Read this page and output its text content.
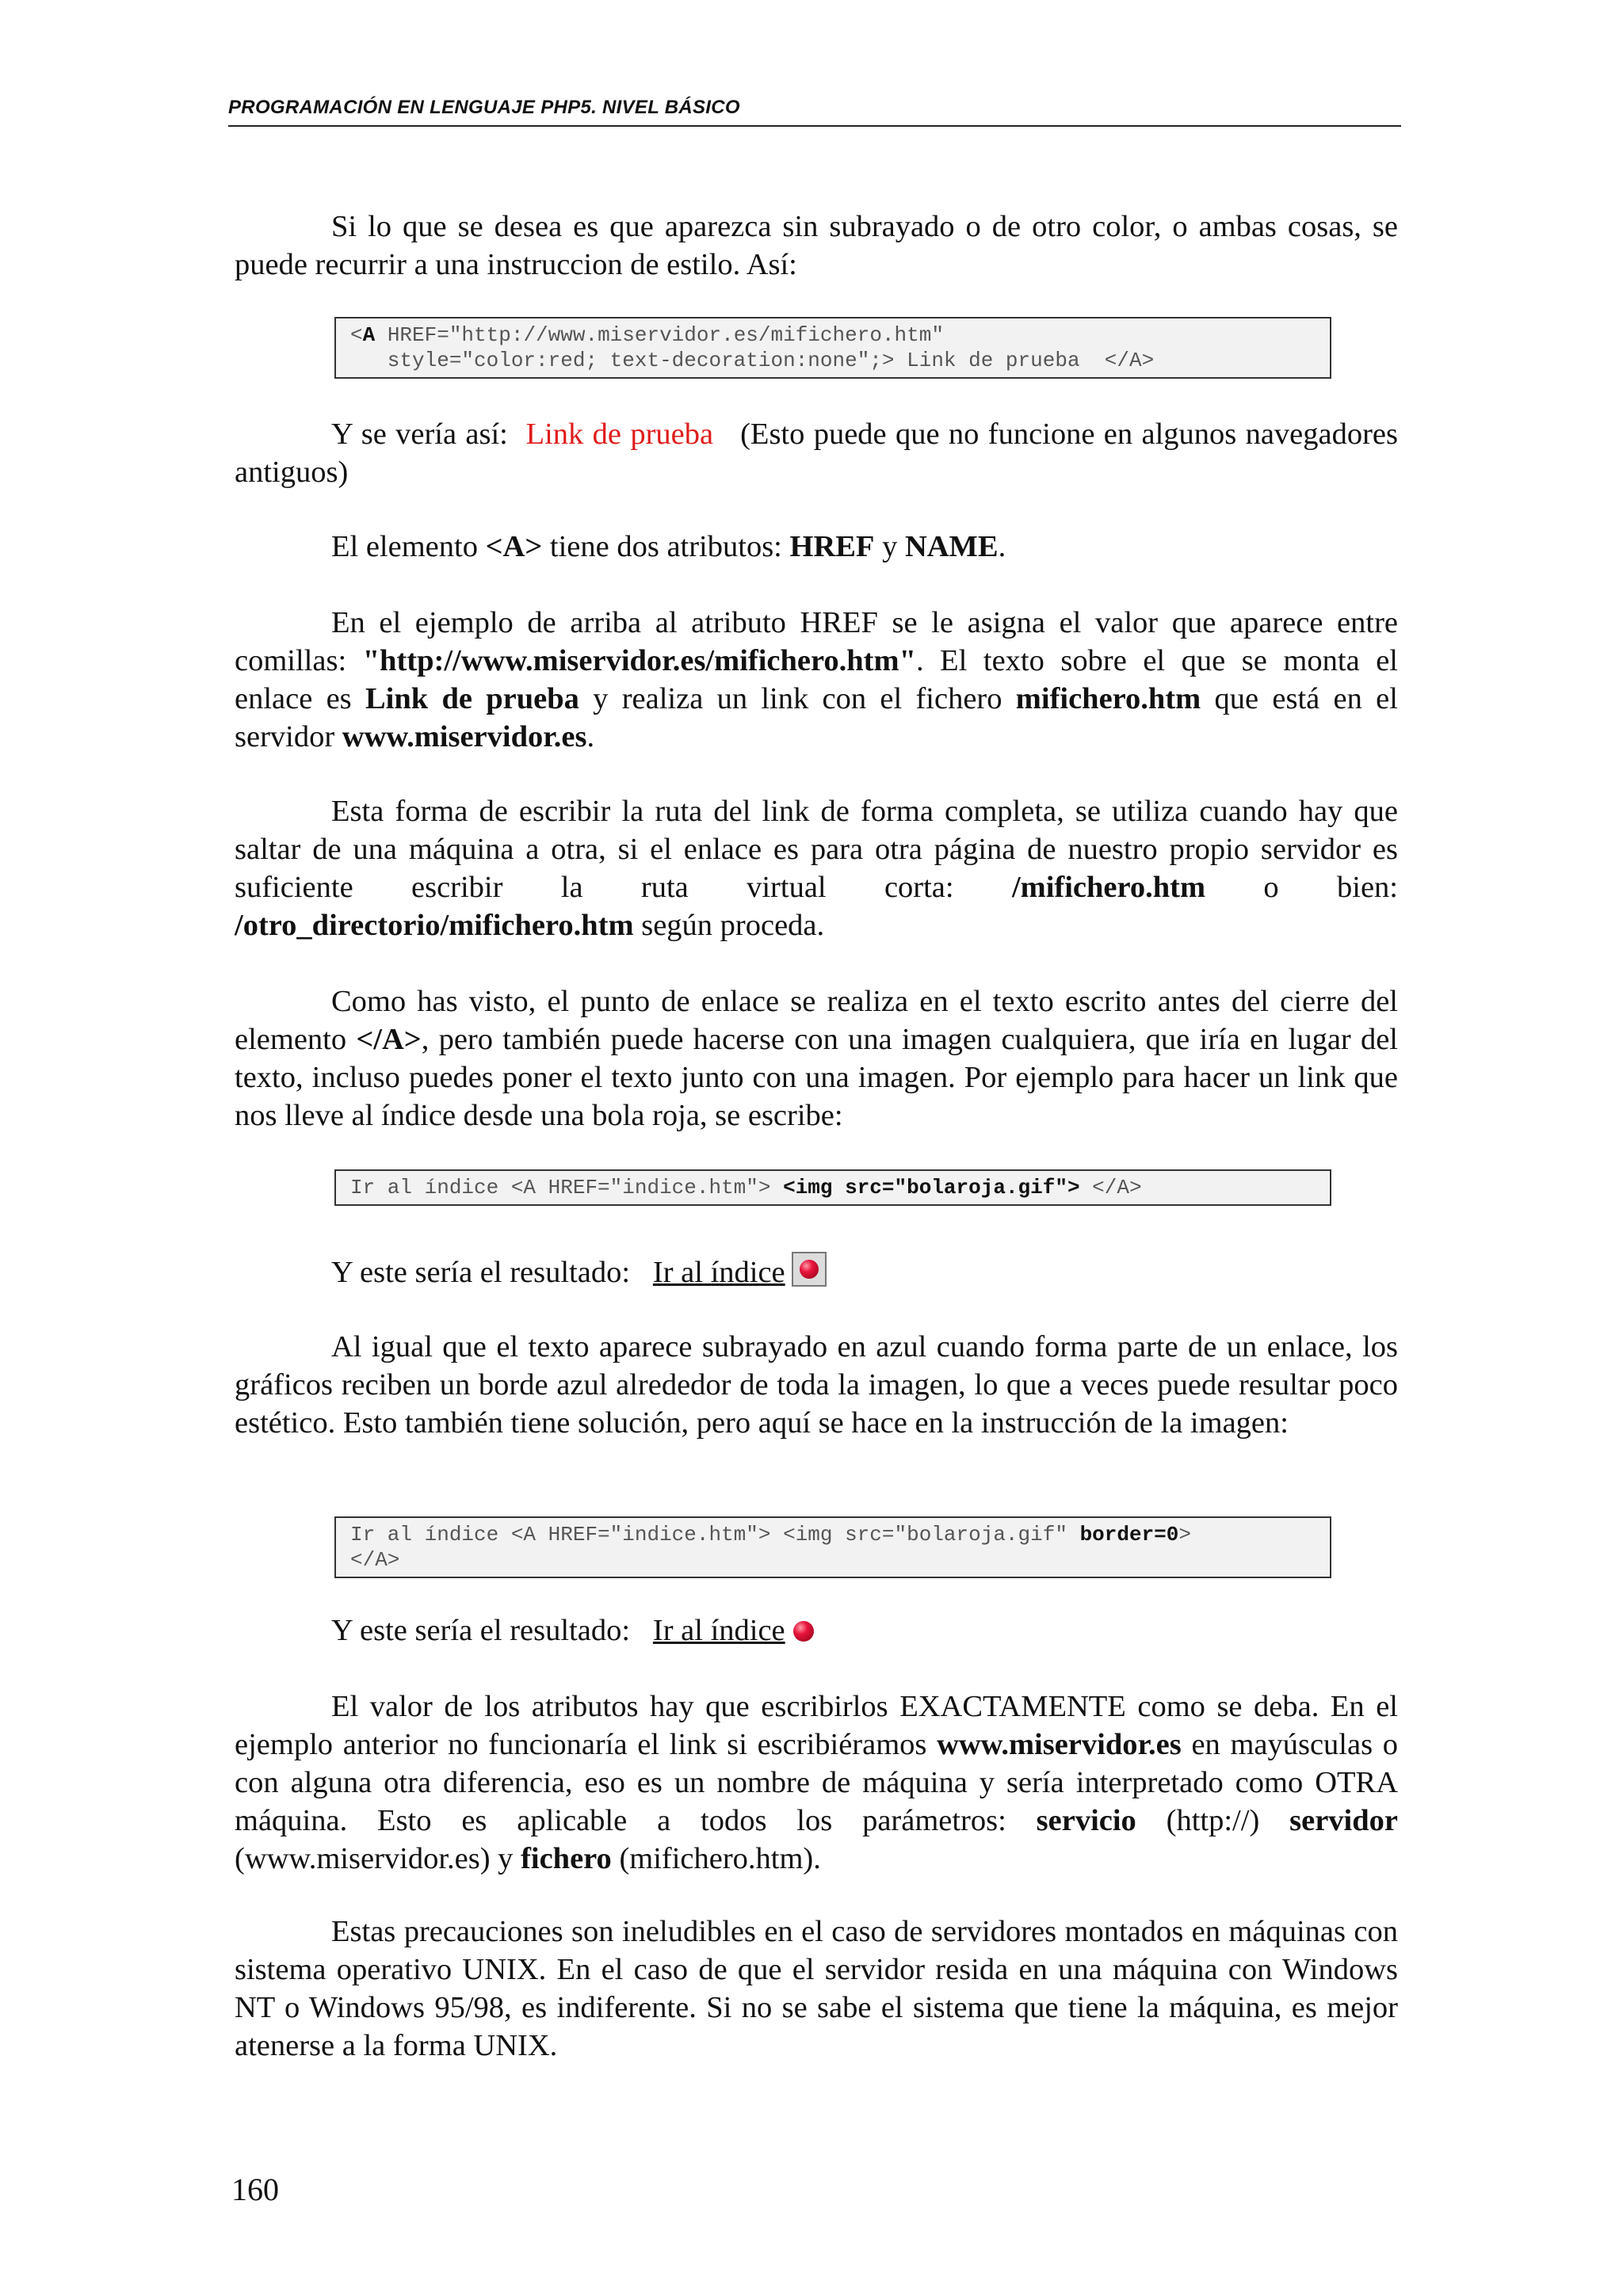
PROGRAMACIÓN EN LENGUAJE PHP5. NIVEL BÁSICO

Si lo que se desea es que aparezca sin subrayado o de otro color, o ambas cosas, se puede recurrir a una instruccion de estilo. Así:

<A HREF="http://www.miservidor.es/mifichero.htm"
style="color:red; text-decoration:none";> Link de prueba  </A>

Y se vería así: Link de prueba (Esto puede que no funcione en algunos navegadores antiguos)

El elemento <A> tiene dos atributos: HREF y NAME.

En el ejemplo de arriba al atributo HREF se le asigna el valor que aparece entre comillas: "http://www.miservidor.es/mifichero.htm". El texto sobre el que se monta el enlace es Link de prueba y realiza un link con el fichero mifichero.htm que está en el servidor www.miservidor.es.

Esta forma de escribir la ruta del link de forma completa, se utiliza cuando hay que saltar de una máquina a otra, si el enlace es para otra página de nuestro propio servidor es suficiente escribir la ruta virtual corta: /mifichero.htm o bien: /otro_directorio/mifichero.htm según proceda.

Como has visto, el punto de enlace se realiza en el texto escrito antes del cierre del elemento </A>, pero también puede hacerse con una imagen cualquiera, que iría en lugar del texto, incluso puedes poner el texto junto con una imagen. Por ejemplo para hacer un link que nos lleve al índice desde una bola roja, se escribe:

Ir al índice <A HREF="indice.htm"> <img src="bolaroja.gif"> </A>
Y este sería el resultado: Ir al índice

Al igual que el texto aparece subrayado en azul cuando forma parte de un enlace, los gráficos reciben un borde azul alrededor de toda la imagen, lo que a veces puede resultar poco estético. Esto también tiene solución, pero aquí se hace en la instrucción de la imagen:

Ir al índice <A HREF="indice.htm"> <img src="bolaroja.gif" border=0>
</A>
Y este sería el resultado: Ir al índice

El valor de los atributos hay que escribirlos EXACTAMENTE como se deba. En el ejemplo anterior no funcionaría el link si escribiéramos www.miservidor.es en mayúsculas o con alguna otra diferencia, eso es un nombre de máquina y sería interpretado como OTRA máquina. Esto es aplicable a todos los parámetros: servicio (http://) servidor (www.miservidor.es) y fichero (mifichero.htm).

Estas precauciones son ineludibles en el caso de servidores montados en máquinas con sistema operativo UNIX. En el caso de que el servidor resida en una máquina con Windows NT o Windows 95/98, es indiferente. Si no se sabe el sistema que tiene la máquina, es mejor atenerse a la forma UNIX.

160
